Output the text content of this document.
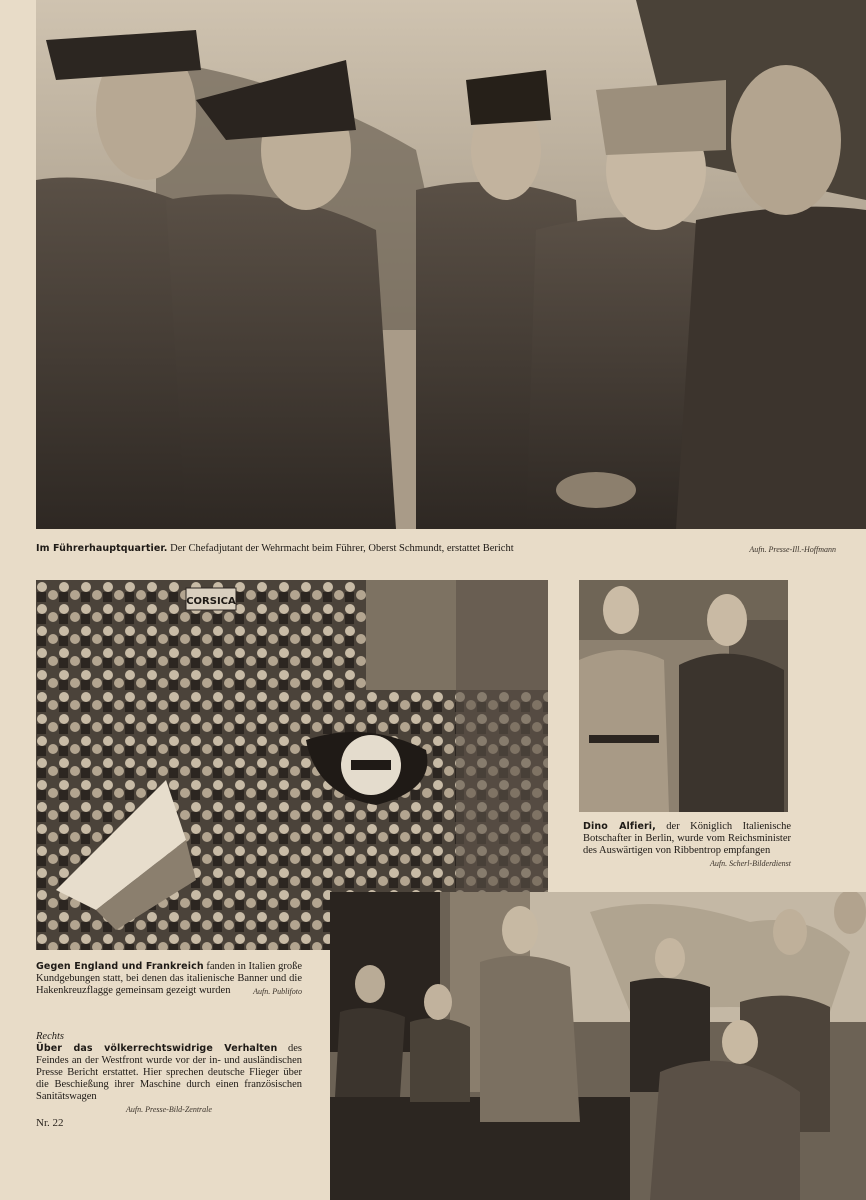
Im Führerhauptquartier. Der Chefadjutant der Wehrmacht beim Führer, Oberst Schmundt, erstattet Bericht	Aufn. Presse-Ill.-Hoffmann
CORSICA
Dino Alfieri, der Königlich Italienische Botschafter in Berlin, wurde vom Reichsminister des Auswärtigen von Ribbentrop empfangen
Aufn. Scherl-Bilderdienst
Gegen England und Frankreich fanden in Italien große Kundgebungen statt, bei denen das italienische Banner und die Hakenkreuzflagge gemeinsam gezeigt wurden	Aufn. Publifoto
Rechts
Über das völkerrechtswidrige Verhalten des Feindes an der Westfront wurde vor der in- und ausländischen Presse Bericht erstattet. Hier sprechen deutsche Flieger über die Beschießung ihrer Maschine durch einen französischen Sanitätswagen
Aufn. Presse-Bild-Zentrale
Nr. 22
